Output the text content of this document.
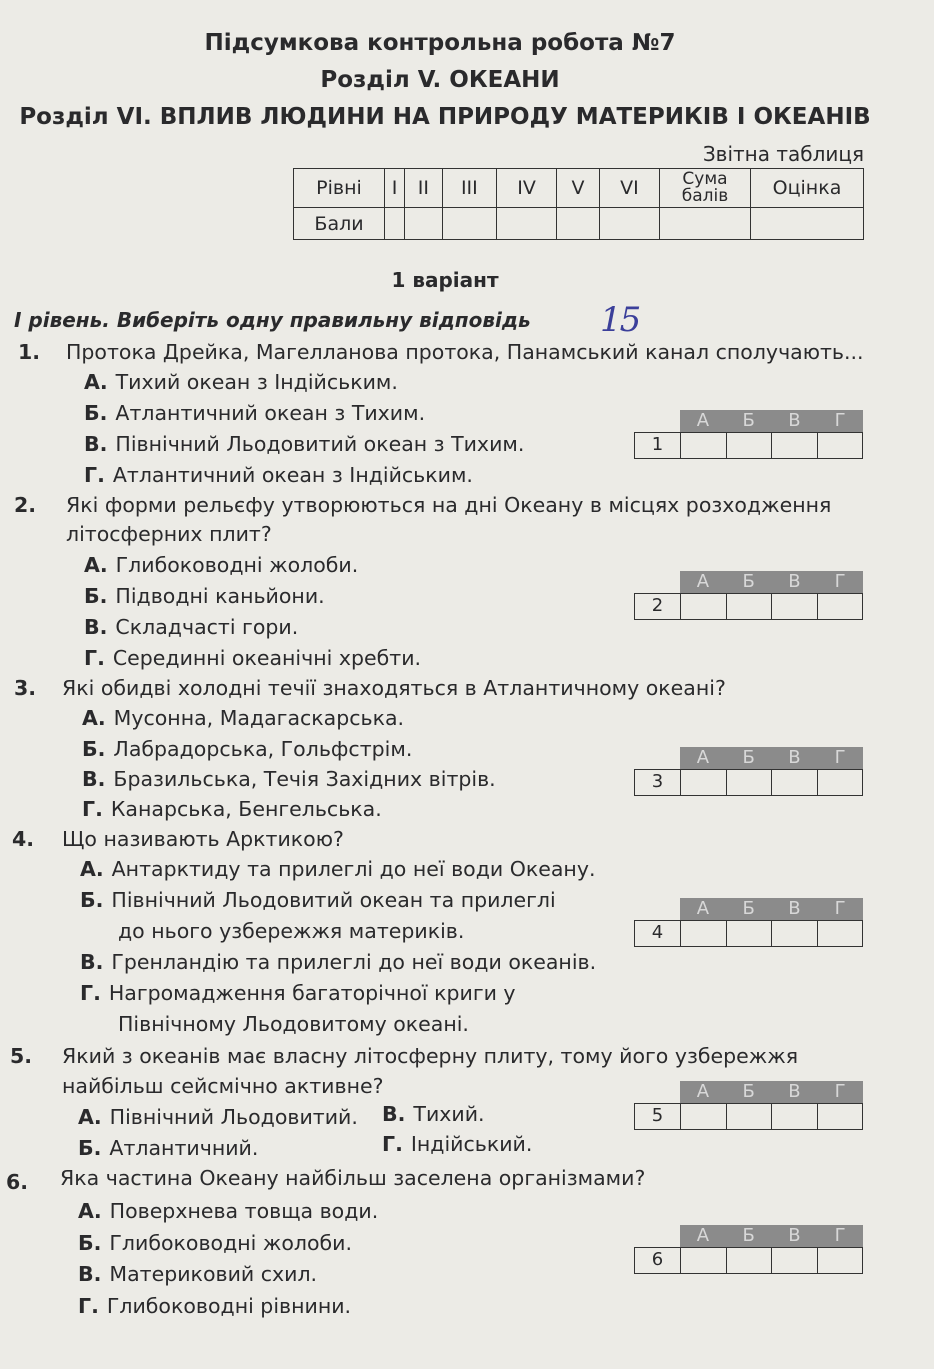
Підсумкова контрольна робота №7
Розділ V. ОКЕАНИ
Розділ VI. ВПЛИВ ЛЮДИНИ НА ПРИРОДУ МАТЕРИКІВ І ОКЕАНІВ
Звітна таблиця
Рівні	I	II	III	IV	V	VI	Сума балів	Оцінка
Бали								
1 варіант
I рівень. Виберіть одну правильну відповідь 15
1. Протока Дрейка, Магелланова протока, Панамський канал сполучають...
А. Тихий океан з Індійським.
Б. Атлантичний океан з Тихим.
В. Північний Льодовитий океан з Тихим.
Г. Атлантичний океан з Індійським.
А	Б	В	Г
1
2. Які форми рельєфу утворюються на дні Океану в місцях розходження
літосферних плит?
А. Глибоководні жолоби.
Б. Підводні каньйони.
В. Складчасті гори.
Г. Серединні океанічні хребти.
А	Б	В	Г
2
3. Які обидві холодні течії знаходяться в Атлантичному океані?
А. Мусонна, Мадагаскарська.
Б. Лабрадорська, Гольфстрім.
В. Бразильська, Течія Західних вітрів.
Г. Канарська, Бенгельська.
А	Б	В	Г
3
4. Що називають Арктикою?
А. Антарктиду та прилеглі до неї води Океану.
Б. Північний Льодовитий океан та прилеглі
до нього узбережжя материків.
В. Гренландію та прилеглі до неї води океанів.
Г. Нагромадження багаторічної криги у
Північному Льодовитому океані.
А	Б	В	Г
4
5. Який з океанів має власну літосферну плиту, тому його узбережжя
найбільш сейсмічно активне?
А. Північний Льодовитий. В. Тихий.
Б. Атлантичний.	Г. Індійський.
А	Б	В	Г
5
6. Яка частина Океану найбільш заселена організмами?
А. Поверхнева товща води.
Б. Глибоководні жолоби.
В. Материковий схил.
Г. Глибоководні рівнини.
А	Б	В	Г
6
